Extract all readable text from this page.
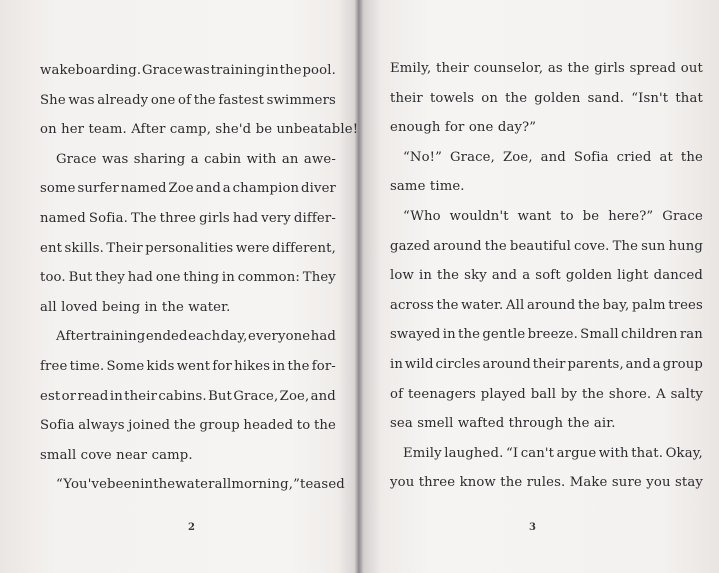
wakeboarding. Grace was training in the pool.
She was already one of the fastest swimmers
on her team. After camp, she'd be unbeatable!
Grace was sharing a cabin with an awe-
some surfer named Zoe and a champion diver
named Sofia. The three girls had very differ-
ent skills. Their personalities were different,
too. But they had one thing in common: They
all loved being in the water.
After training ended each day, everyone had
free time. Some kids went for hikes in the for-
est or read in their cabins. But Grace, Zoe, and
Sofia always joined the group headed to the
small cove near camp.
“You've been in the water all morning,” teased
2
Emily, their counselor, as the girls spread out
their towels on the golden sand. “Isn't that
enough for one day?”
“No!” Grace, Zoe, and Sofia cried at the
same time.
“Who wouldn't want to be here?” Grace
gazed around the beautiful cove. The sun hung
low in the sky and a soft golden light danced
across the water. All around the bay, palm trees
swayed in the gentle breeze. Small children ran
in wild circles around their parents, and a group
of teenagers played ball by the shore. A salty
sea smell wafted through the air.
Emily laughed. “I can't argue with that. Okay,
you three know the rules. Make sure you stay
3
